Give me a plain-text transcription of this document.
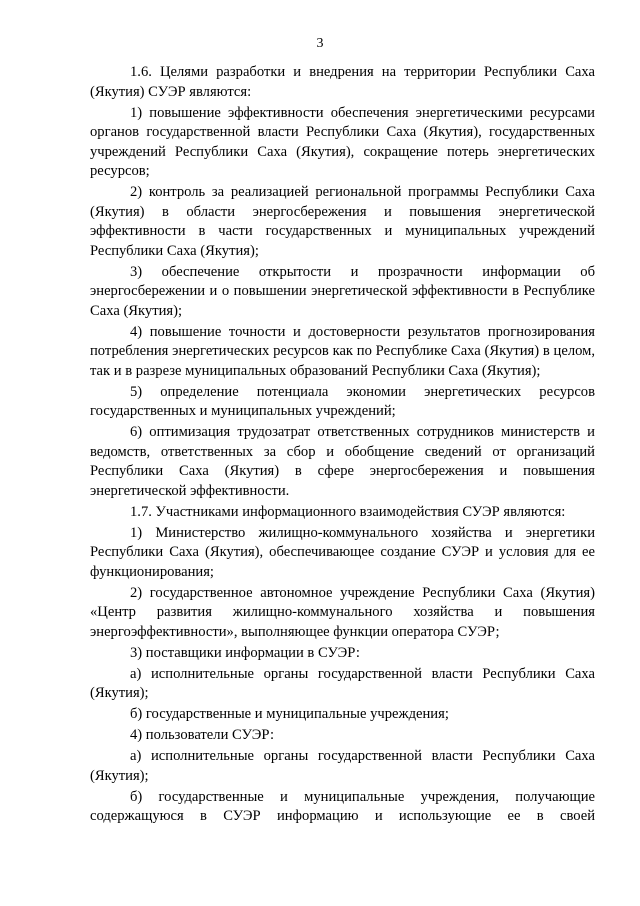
3

1.6. Целями разработки и внедрения на территории Республики Саха (Якутия) СУЭР являются:

1) повышение эффективности обеспечения энергетическими ресурсами органов государственной власти Республики Саха (Якутия), государственных учреждений Республики Саха (Якутия), сокращение потерь энергетических ресурсов;

2) контроль за реализацией региональной программы Республики Саха (Якутия) в области энергосбережения и повышения энергетической эффективности в части государственных и муниципальных учреждений Республики Саха (Якутия);

3) обеспечение открытости и прозрачности информации об энергосбережении и о повышении энергетической эффективности в Республике Саха (Якутия);

4) повышение точности и достоверности результатов прогнозирования потребления энергетических ресурсов как по Республике Саха (Якутия) в целом, так и в разрезе муниципальных образований Республики Саха (Якутия);

5) определение потенциала экономии энергетических ресурсов государственных и муниципальных учреждений;

6) оптимизация трудозатрат ответственных сотрудников министерств и ведомств, ответственных за сбор и обобщение сведений от организаций Республики Саха (Якутия) в сфере энергосбережения и повышения энергетической эффективности.

1.7. Участниками информационного взаимодействия СУЭР являются:

1) Министерство жилищно-коммунального хозяйства и энергетики Республики Саха (Якутия), обеспечивающее создание СУЭР и условия для ее функционирования;

2) государственное автономное учреждение Республики Саха (Якутия) «Центр развития жилищно-коммунального хозяйства и повышения энергоэффективности», выполняющее функции оператора СУЭР;

3) поставщики информации в СУЭР:

а) исполнительные органы государственной власти Республики Саха (Якутия);

б) государственные и муниципальные учреждения;

4) пользователи СУЭР:

а) исполнительные органы государственной власти Республики Саха (Якутия);

б) государственные и муниципальные учреждения, получающие содержащуюся в СУЭР информацию и использующие ее в своей
